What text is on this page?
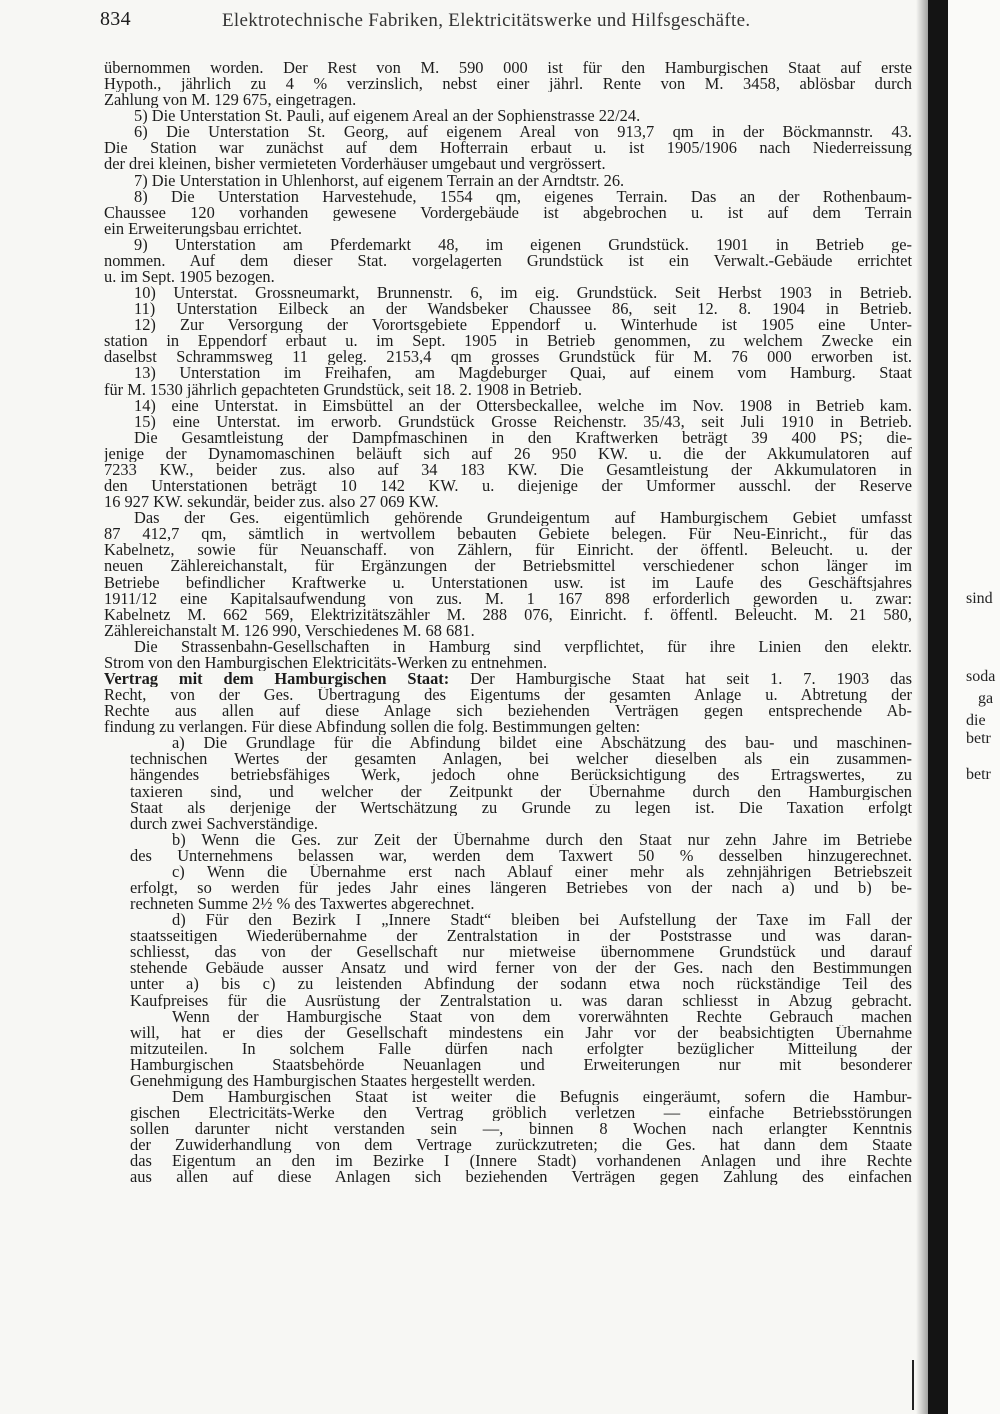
834	Elektrotechnische Fabriken, Elektricitätswerke und Hilfsgeschäfte.
übernommen worden. Der Rest von M. 590 000 ist für den Hamburgischen Staat auf erste
Hypoth., jährlich zu 4 % verzinslich, nebst einer jährl. Rente von M. 3458, ablösbar durch
Zahlung von M. 129 675, eingetragen.
5) Die Unterstation St. Pauli, auf eigenem Areal an der Sophienstrasse 22/24.
6) Die Unterstation St. Georg, auf eigenem Areal von 913,7 qm in der Böckmannstr. 43.
Die Station war zunächst auf dem Hofterrain erbaut u. ist 1905/1906 nach Niederreissung
der drei kleinen, bisher vermieteten Vorderhäuser umgebaut und vergrössert.
7) Die Unterstation in Uhlenhorst, auf eigenem Terrain an der Arndtstr. 26.
8) Die Unterstation Harvestehude, 1554 qm, eigenes Terrain. Das an der Rothenbaum-
Chaussee 120 vorhanden gewesene Vordergebäude ist abgebrochen u. ist auf dem Terrain
ein Erweiterungsbau errichtet.
9) Unterstation am Pferdemarkt 48, im eigenen Grundstück. 1901 in Betrieb ge-
nommen. Auf dem dieser Stat. vorgelagerten Grundstück ist ein Verwalt.-Gebäude errichtet
u. im Sept. 1905 bezogen.
10) Unterstat. Grossneumarkt, Brunnenstr. 6, im eig. Grundstück. Seit Herbst 1903 in Betrieb.
11) Unterstation Eilbeck an der Wandsbeker Chaussee 86, seit 12. 8. 1904 in Betrieb.
12) Zur Versorgung der Vorortsgebiete Eppendorf u. Winterhude ist 1905 eine Unter-
station in Eppendorf erbaut u. im Sept. 1905 in Betrieb genommen, zu welchem Zwecke ein
daselbst Schrammsweg 11 geleg. 2153,4 qm grosses Grundstück für M. 76 000 erworben ist.
13) Unterstation im Freihafen, am Magdeburger Quai, auf einem vom Hamburg. Staat
für M. 1530 jährlich gepachteten Grundstück, seit 18. 2. 1908 in Betrieb.
14) eine Unterstat. in Eimsbüttel an der Ottersbeckallee, welche im Nov. 1908 in Betrieb kam.
15) eine Unterstat. im erworb. Grundstück Grosse Reichenstr. 35/43, seit Juli 1910 in Betrieb.
Die Gesamtleistung der Dampfmaschinen in den Kraftwerken beträgt 39 400 PS; die-
jenige der Dynamomaschinen beläuft sich auf 26 950 KW. u. die der Akkumulatoren auf
7233 KW., beider zus. also auf 34 183 KW. Die Gesamtleistung der Akkumulatoren in
den Unterstationen beträgt 10 142 KW. u. diejenige der Umformer ausschl. der Reserve
16 927 KW. sekundär, beider zus. also 27 069 KW.
Das der Ges. eigentümlich gehörende Grundeigentum auf Hamburgischem Gebiet umfasst
87 412,7 qm, sämtlich in wertvollem bebauten Gebiete belegen. Für Neu-Einricht., für das
Kabelnetz, sowie für Neuanschaff. von Zählern, für Einricht. der öffentl. Beleucht. u. der
neuen Zählereichanstalt, für Ergänzungen der Betriebsmittel verschiedener schon länger im
Betriebe befindlicher Kraftwerke u. Unterstationen usw. ist im Laufe des Geschäftsjahres
1911/12 eine Kapitalsaufwendung von zus. M. 1 167 898 erforderlich geworden u. zwar:
Kabelnetz M. 662 569, Elektrizitätszähler M. 288 076, Einricht. f. öffentl. Beleucht. M. 21 580,
Zählereichanstalt M. 126 990, Verschiedenes M. 68 681.
Die Strassenbahn-Gesellschaften in Hamburg sind verpflichtet, für ihre Linien den elektr.
Strom von den Hamburgischen Elektricitäts-Werken zu entnehmen.
Vertrag mit dem Hamburgischen Staat: Der Hamburgische Staat hat seit 1. 7. 1903 das
Recht, von der Ges. Übertragung des Eigentums der gesamten Anlage u. Abtretung der
Rechte aus allen auf diese Anlage sich beziehenden Verträgen gegen entsprechende Ab-
findung zu verlangen. Für diese Abfindung sollen die folg. Bestimmungen gelten:
a) Die Grundlage für die Abfindung bildet eine Abschätzung des bau- und maschinen-
technischen Wertes der gesamten Anlagen, bei welcher dieselben als ein zusammen-
hängendes betriebsfähiges Werk, jedoch ohne Berücksichtigung des Ertragswertes, zu
taxieren sind, und welcher der Zeitpunkt der Übernahme durch den Hamburgischen
Staat als derjenige der Wertschätzung zu Grunde zu legen ist. Die Taxation erfolgt
durch zwei Sachverständige.
b) Wenn die Ges. zur Zeit der Übernahme durch den Staat nur zehn Jahre im Betriebe
des Unternehmens belassen war, werden dem Taxwert 50 % desselben hinzugerechnet.
c) Wenn die Übernahme erst nach Ablauf einer mehr als zehnjährigen Betriebszeit
erfolgt, so werden für jedes Jahr eines längeren Betriebes von der nach a) und b) be-
rechneten Summe 2½ % des Taxwertes abgerechnet.
d) Für den Bezirk I „Innere Stadt“ bleiben bei Aufstellung der Taxe im Fall der
staatsseitigen Wiederübernahme der Zentralstation in der Poststrasse und was daran-
schliesst, das von der Gesellschaft nur mietweise übernommene Grundstück und darauf
stehende Gebäude ausser Ansatz und wird ferner von der der Ges. nach den Bestimmungen
unter a) bis c) zu leistenden Abfindung der sodann etwa noch rückständige Teil des
Kaufpreises für die Ausrüstung der Zentralstation u. was daran schliesst in Abzug gebracht.
Wenn der Hamburgische Staat von dem vorerwähnten Rechte Gebrauch machen
will, hat er dies der Gesellschaft mindestens ein Jahr vor der beabsichtigten Übernahme
mitzuteilen. In solchem Falle dürfen nach erfolgter bezüglicher Mitteilung der
Hamburgischen Staatsbehörde Neuanlagen und Erweiterungen nur mit besonderer
Genehmigung des Hamburgischen Staates hergestellt werden.
Dem Hamburgischen Staat ist weiter die Befugnis eingeräumt, sofern die Hambur-
gischen Electricitäts-Werke den Vertrag gröblich verletzen — einfache Betriebsstörungen
sollen darunter nicht verstanden sein —, binnen 8 Wochen nach erlangter Kenntnis
der Zuwiderhandlung von dem Vertrage zurückzutreten; die Ges. hat dann dem Staate
das Eigentum an den im Bezirke I (Innere Stadt) vorhandenen Anlagen und ihre Rechte
aus allen auf diese Anlagen sich beziehenden Verträgen gegen Zahlung des einfachen
sind
soda
ga
die
betr
betr
